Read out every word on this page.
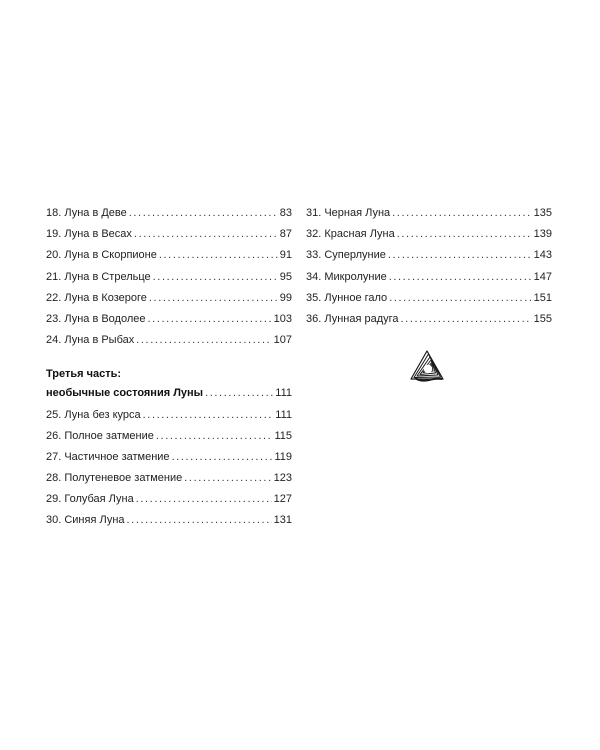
18. Луна в Деве .....	83
19. Луна в Весах .....	87
20. Луна в Скорпионе .....	91
21. Луна в Стрельце .....	95
22. Луна в Козероге .....	99
23. Луна в Водолее .....	103
24. Луна в Рыбах .....	107
Третья часть:
необычные состояния Луны .....	111
25. Луна без курса .....	111
26. Полное затмение .....	115
27. Частичное затмение .....	119
28. Полутеневое затмение .....	123
29. Голубая Луна .....	127
30. Синяя Луна .....	131
31. Черная Луна .....	135
32. Красная Луна .....	139
33. Суперлуние .....	143
34. Микролуние .....	147
35. Лунное гало .....	151
36. Лунная радуга .....	155
